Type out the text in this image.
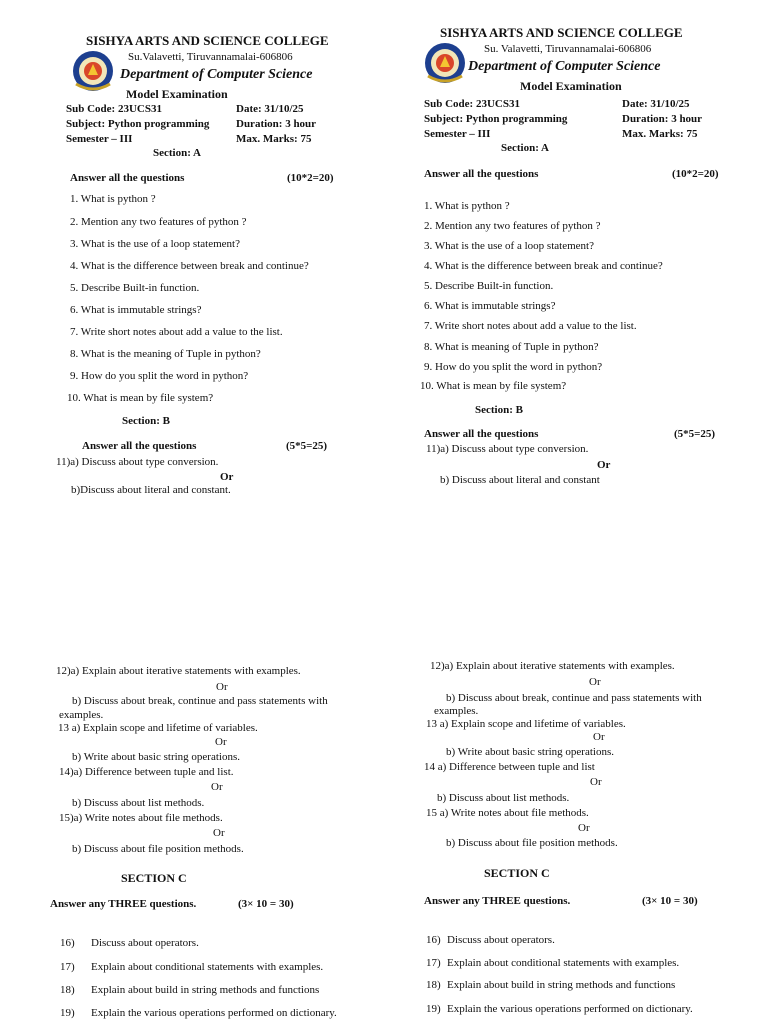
SISHYA ARTS AND SCIENCE COLLEGE
Su.Valavetti, Tiruvannamalai-606806
Department of Computer Science
Model Examination
Sub Code: 23UCS31	Date: 31/10/25
Subject: Python programming Duration: 3 hour
Semester – III	Max. Marks: 75
Section: A
Answer all the questions	(10*2=20)
1. What is python ?
2. Mention any two features of python ?
3. What is the use of a loop statement?
4. What is the difference between break and continue?
5. Describe Built-in function.
6. What is immutable strings?
7. Write short notes about add a value to the list.
8. What is the meaning of Tuple in python?
9. How do you split the word in python?
10. What is mean by file system?
Section: B
Answer all the questions	(5*5=25)
11)a) Discuss about type conversion.
Or
b)Discuss about literal and constant.
12)a) Explain about iterative statements with examples.
Or
b) Discuss about break, continue and pass statements with
examples.
13 a) Explain scope and lifetime of variables.
Or
b) Write about basic string operations.
14)a) Difference between tuple and list.
Or
b) Discuss about list methods.
15)a) Write notes about file methods.
Or
b) Discuss about file position methods.
SECTION C
Answer any THREE questions.	(3× 10 = 30)
16) Discuss about operators.
17) Explain about conditional statements with examples.
18) Explain about build in string methods and functions
19) Explain the various operations performed on dictionary.
SISHYA ARTS AND SCIENCE COLLEGE
Su. Valavetti, Tiruvannamalai-606806
Department of Computer Science
Model Examination
Sub Code: 23UCS31	Date: 31/10/25
Subject: Python programming	Duration: 3 hour
Semester – III	Max. Marks: 75
Section: A
Answer all the questions	(10*2=20)
1. What is python ?
2. Mention any two features of python ?
3. What is the use of a loop statement?
4. What is the difference between break and continue?
5. Describe Built-in function.
6. What is immutable strings?
7. Write short notes about add a value to the list.
8. What is meaning of Tuple in python?
9. How do you split the word in python?
10. What is mean by file system?
Section: B
Answer all the questions	(5*5=25)
11)a) Discuss about type conversion.
Or
b) Discuss about literal and constant
12)a) Explain about iterative statements with examples.
Or
b) Discuss about break, continue and pass statements with
examples.
13 a) Explain scope and lifetime of variables.
Or
b) Write about basic string operations.
14 a) Difference between tuple and list
Or
b) Discuss about list methods.
15 a) Write notes about file methods.
Or
b) Discuss about file position methods.
SECTION C
Answer any THREE questions.	(3× 10 = 30)
16) Discuss about operators.
17) Explain about conditional statements with examples.
18) Explain about build in string methods and functions
19) Explain the various operations performed on dictionary.
